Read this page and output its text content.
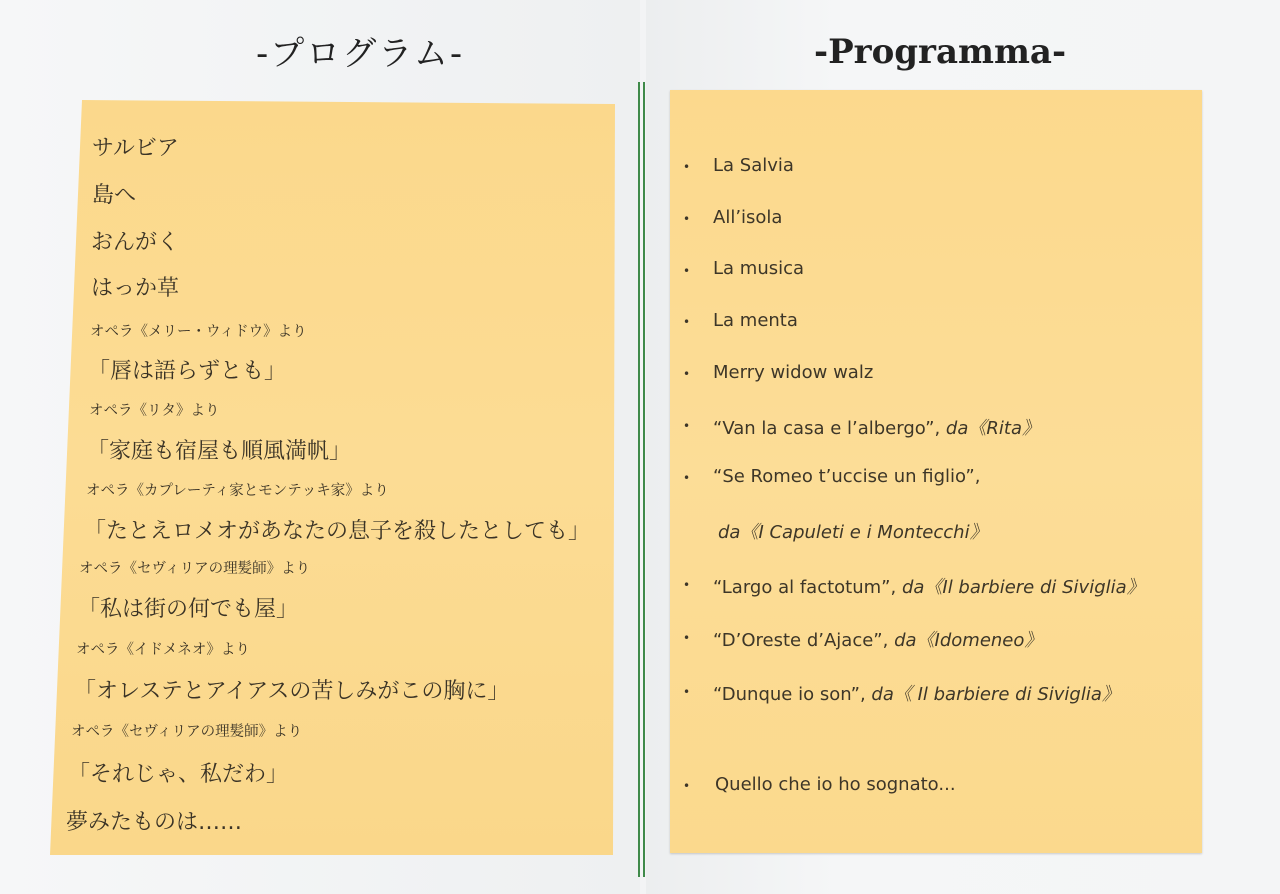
-プログラム-	-Programma-
サルビア
島へ
おんがく
はっか草
オペラ《メリー・ウィドウ》より
「唇は語らずとも」
オペラ《リタ》より
「家庭も宿屋も順風満帆」
オペラ《カプレーティ家とモンテッキ家》より
「たとえロメオがあなたの息子を殺したとしても」
オペラ《セヴィリアの理髪師》より
「私は街の何でも屋」
オペラ《イドメネオ》より
「オレステとアイアスの苦しみがこの胸に」
オペラ《セヴィリアの理髪師》より
「それじゃ、私だわ」
夢みたものは……
• La Salvia
• All’isola
• La musica
• La menta
• Merry widow walz
• “Van la casa e l’albergo”, da《Rita》
• “Se Romeo t’uccise un figlio”,
da《I Capuleti e i Montecchi》
• “Largo al factotum”, da《Il barbiere di Siviglia》
• “D’Oreste d’Ajace”, da《Idomeneo》
• “Dunque io son”, da《 Il barbiere di Siviglia》
• Quello che io ho sognato...
